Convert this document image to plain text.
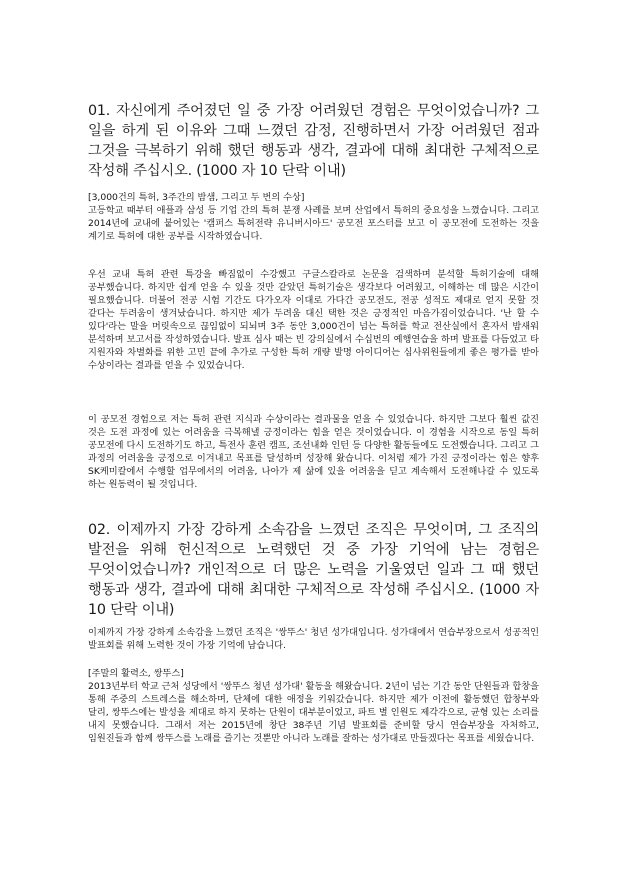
01. 자신에게 주어졌던 일 중 가장 어려웠던 경험은 무엇이었습니까? 그 일을 하게 된 이유와 그때 느꼈던 감정, 진행하면서 가장 어려웠던 점과 그것을 극복하기 위해 했던 행동과 생각, 결과에 대해 최대한 구체적으로 작성해 주십시오. (1000 자 10 단락 이내)
[3,000건의 특허, 3주간의 밤샘, 그리고 두 번의 수상]

고등학교 때부터 애플과 삼성 등 기업 간의 특허 분쟁 사례를 보며 산업에서 특허의 중요성을 느꼈습니다. 그리고 2014년에 교내에 붙어있는 '캠퍼스 특허전략 유니버시아드' 공모전 포스터를 보고 이 공모전에 도전하는 것을 계기로 특허에 대한 공부를 시작하였습니다.

우선 교내 특허 관련 특강을 빠짐없이 수강했고 구글스칼라로 논문을 검색하며 분석할 특허기술에 대해 공부했습니다. 하지만 쉽게 얻을 수 있을 것만 같았던 특허기술은 생각보다 어려웠고, 이해하는 데 많은 시간이 필요했습니다. 더불어 전공 시험 기간도 다가오자 이대로 가다간 공모전도, 전공 성적도 제대로 얻지 못할 것 같다는 두려움이 생겨났습니다. 하지만 제가 두려움 대신 택한 것은 긍정적인 마음가짐이었습니다. '난 할 수 있다'라는 말을 머릿속으로 끊임없이 되뇌며 3주 동안 3,000건이 넘는 특허를 학교 전산실에서 혼자서 밤새워 분석하며 보고서를 작성하였습니다. 발표 심사 때는 빈 강의실에서 수십번의 예행연습을 하며 발표를 다듬었고 타 지원자와 차별화를 위한 고민 끝에 추가로 구성한 특허 개량 발명 아이디어는 심사위원들에게 좋은 평가를 받아 수상이라는 결과를 얻을 수 있었습니다.

이 공모전 경험으로 저는 특허 관련 지식과 수상이라는 결과물을 얻을 수 있었습니다. 하지만 그보다 훨씬 값진 것은 도전 과정에 있는 어려움을 극복해낼 긍정이라는 힘을 얻은 것이었습니다. 이 경험을 시작으로 동일 특허 공모전에 다시 도전하기도 하고, 특전사 훈련 캠프, 조선내화 인턴 등 다양한 활동들에도 도전했습니다. 그리고 그 과정의 어려움을 긍정으로 이겨내고 목표를 달성하며 성장해 왔습니다. 이처럼 제가 가진 긍정이라는 힘은 향후 SK케미칼에서 수행할 업무에서의 어려움, 나아가 제 삶에 있을 어려움을 딛고 계속해서 도전해나갈 수 있도록 하는 원동력이 될 것입니다.

02. 이제까지 가장 강하게 소속감을 느꼈던 조직은 무엇이며, 그 조직의 발전을 위해 헌신적으로 노력했던 것 중 가장 기억에 남는 경험은 무엇이었습니까? 개인적으로 더 많은 노력을 기울였던 일과 그 때 했던 행동과 생각, 결과에 대해 최대한 구체적으로 작성해 주십시오. (1000 자 10 단락 이내)

이제까지 가장 강하게 소속감을 느꼈던 조직은 '쌍뚜스' 청년 성가대입니다. 성가대에서 연습부장으로서 성공적인 발표회를 위해 노력한 것이 가장 기억에 남습니다.

[주말의 활력소, 쌍뚜스]

2013년부터 학교 근처 성당에서 '쌍뚜스 청년 성가대' 활동을 해왔습니다. 2년이 넘는 기간 동안 단원들과 합창을 통해 주중의 스트레스를 해소하며, 단체에 대한 애정을 키워갔습니다. 하지만 제가 이전에 활동했던 합창부와 달리, 쌍뚜스에는 발성을 제대로 하지 못하는 단원이 대부분이었고, 파트 별 인원도 제각각으로, 균형 있는 소리를 내지 못했습니다. 그래서 저는 2015년에 창단 38주년 기념 발표회를 준비할 당시 연습부장을 자처하고, 임원진들과 함께 쌍뚜스를 노래를 즐기는 것뿐만 아니라 노래를 잘하는 성가대로 만들겠다는 목표를 세웠습니다.
